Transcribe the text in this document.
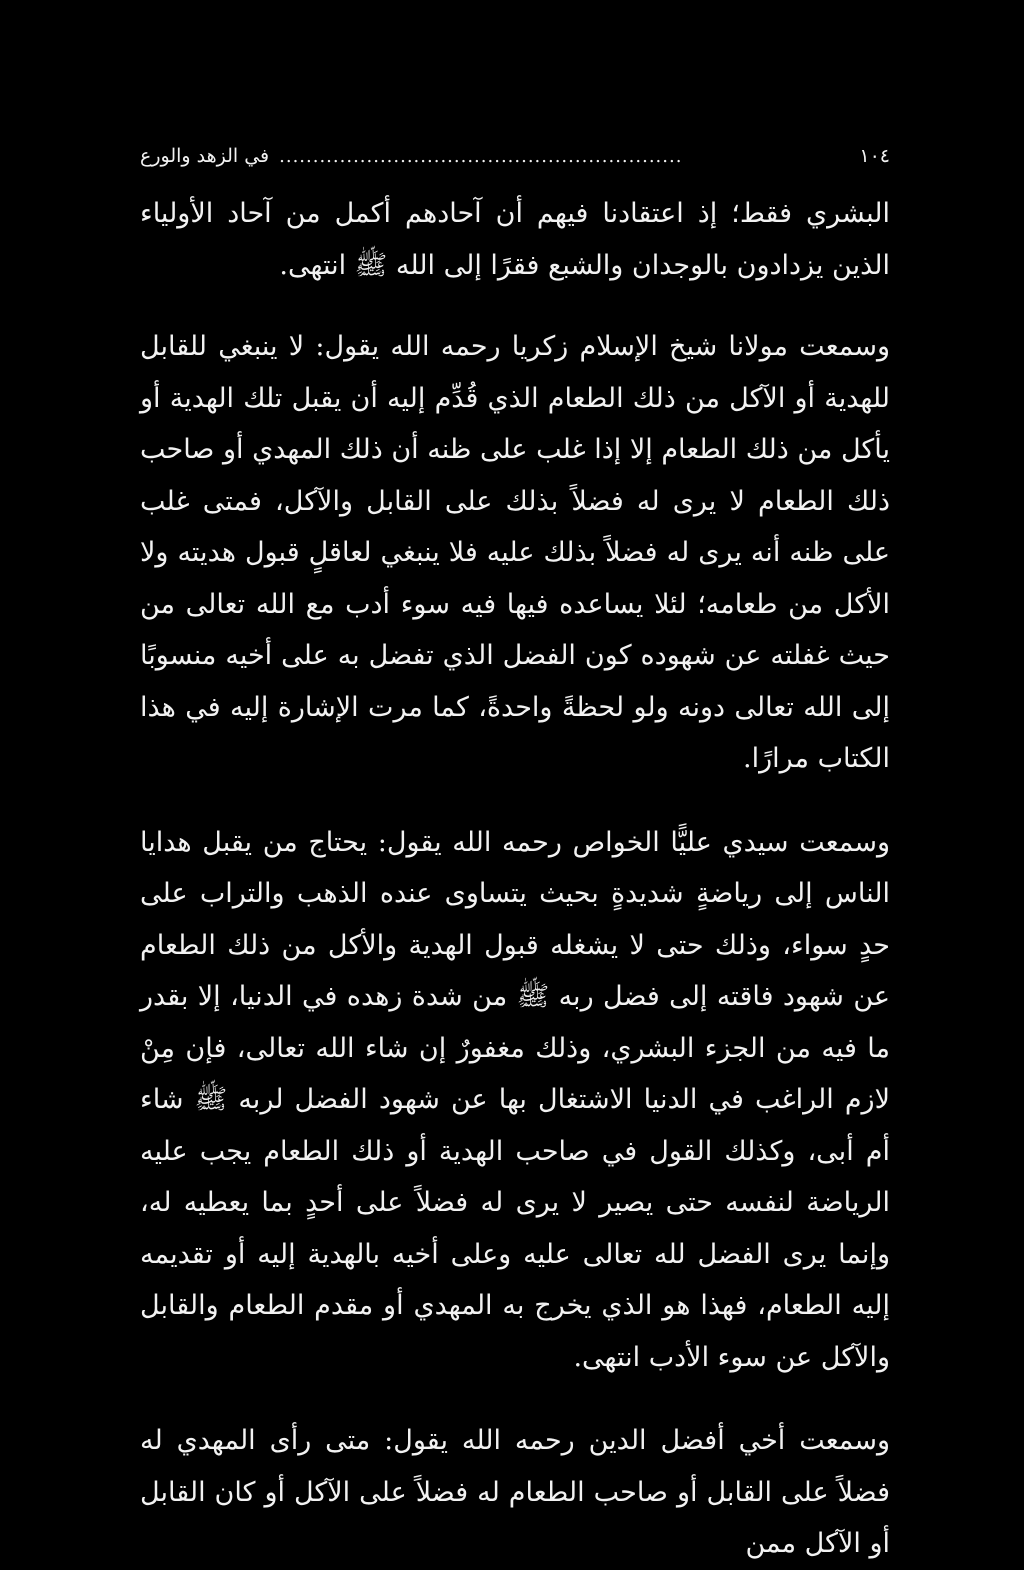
١٠٤
............................................................
في الزهد والورع

البشري فقط؛ إذ اعتقادنا فيهم أن آحادهم أكمل من آحاد الأولياء الذين يزدادون بالوجدان والشبع فقرًا إلى الله ﷺ انتهى.

وسمعت مولانا شيخ الإسلام زكريا رحمه الله يقول: لا ينبغي للقابل للهدية أو الآكل من ذلك الطعام الذي قُدِّم إليه أن يقبل تلك الهدية أو يأكل من ذلك الطعام إلا إذا غلب على ظنه أن ذلك المهدي أو صاحب ذلك الطعام لا يرى له فضلاً بذلك على القابل والآكل، فمتى غلب على ظنه أنه يرى له فضلاً بذلك عليه فلا ينبغي لعاقلٍ قبول هديته ولا الأكل من طعامه؛ لئلا يساعده فيها فيه سوء أدب مع الله تعالى من حيث غفلته عن شهوده كون الفضل الذي تفضل به على أخيه منسوبًا إلى الله تعالى دونه ولو لحظةً واحدةً، كما مرت الإشارة إليه في هذا الكتاب مرارًا.

وسمعت سيدي عليًّا الخواص رحمه الله يقول: يحتاج من يقبل هدايا الناس إلى رياضةٍ شديدةٍ بحيث يتساوى عنده الذهب والتراب على حدٍ سواء، وذلك حتى لا يشغله قبول الهدية والأكل من ذلك الطعام عن شهود فاقته إلى فضل ربه ﷺ من شدة زهده في الدنيا، إلا بقدر ما فيه من الجزء البشري، وذلك مغفورٌ إن شاء الله تعالى، فإن مِنْ لازم الراغب في الدنيا الاشتغال بها عن شهود الفضل لربه ﷺ شاء أم أبى، وكذلك القول في صاحب الهدية أو ذلك الطعام يجب عليه الرياضة لنفسه حتى يصير لا يرى له فضلاً على أحدٍ بما يعطيه له، وإنما يرى الفضل لله تعالى عليه وعلى أخيه بالهدية إليه أو تقديمه إليه الطعام، فهذا هو الذي يخرج به المهدي أو مقدم الطعام والقابل والآكل عن سوء الأدب انتهى.

وسمعت أخي أفضل الدين رحمه الله يقول: متى رأى المهدي له فضلاً على القابل أو صاحب الطعام له فضلاً على الآكل أو كان القابل أو الآكل ممن
